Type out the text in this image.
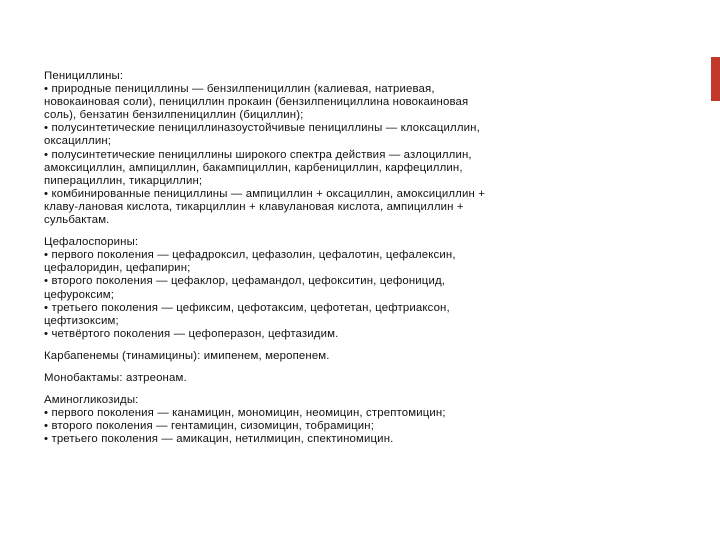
Пенициллины:
• природные пенициллины — бензилпенициллин (калиевая, натриевая,
новокаиновая соли), пенициллин прокаин (бензилпенициллина новокаиновая
соль), бензатин бензилпенициллин (бициллин);
• полусинтетические пенициллиназоустойчивые пенициллины — клоксациллин,
оксациллин;
• полусинтетические пенициллины широкого спектра действия — азлоциллин,
амоксициллин, ампициллин, бакампициллин, карбенициллин, карфециллин,
пиперациллин, тикарциллин;
• комбинированные пенициллины — ампициллин + оксациллин, амоксициллин +
клаву-лановая кислота, тикарциллин + клавулановая кислота, ампициллин +
сульбактам.
Цефалоспорины:
• первого поколения — цефадроксил, цефазолин, цефалотин, цефалексин,
цефалоридин, цефапирин;
• второго поколения — цефаклор, цефамандол, цефокситин, цефоницид,
цефуроксим;
• третьего поколения — цефиксим, цефотаксим, цефотетан, цефтриаксон,
цефтизоксим;
• четвёртого поколения — цефоперазон, цефтазидим.
Карбапенемы (тинамицины): имипенем, меропенем.
Монобактамы: азтреонам.
Аминогликозиды:
• первого поколения — канамицин, мономицин, неомицин, стрептомицин;
• второго поколения — гентамицин, сизомицин, тобрамицин;
• третьего поколения — амикацин, нетилмицин, спектиномицин.
